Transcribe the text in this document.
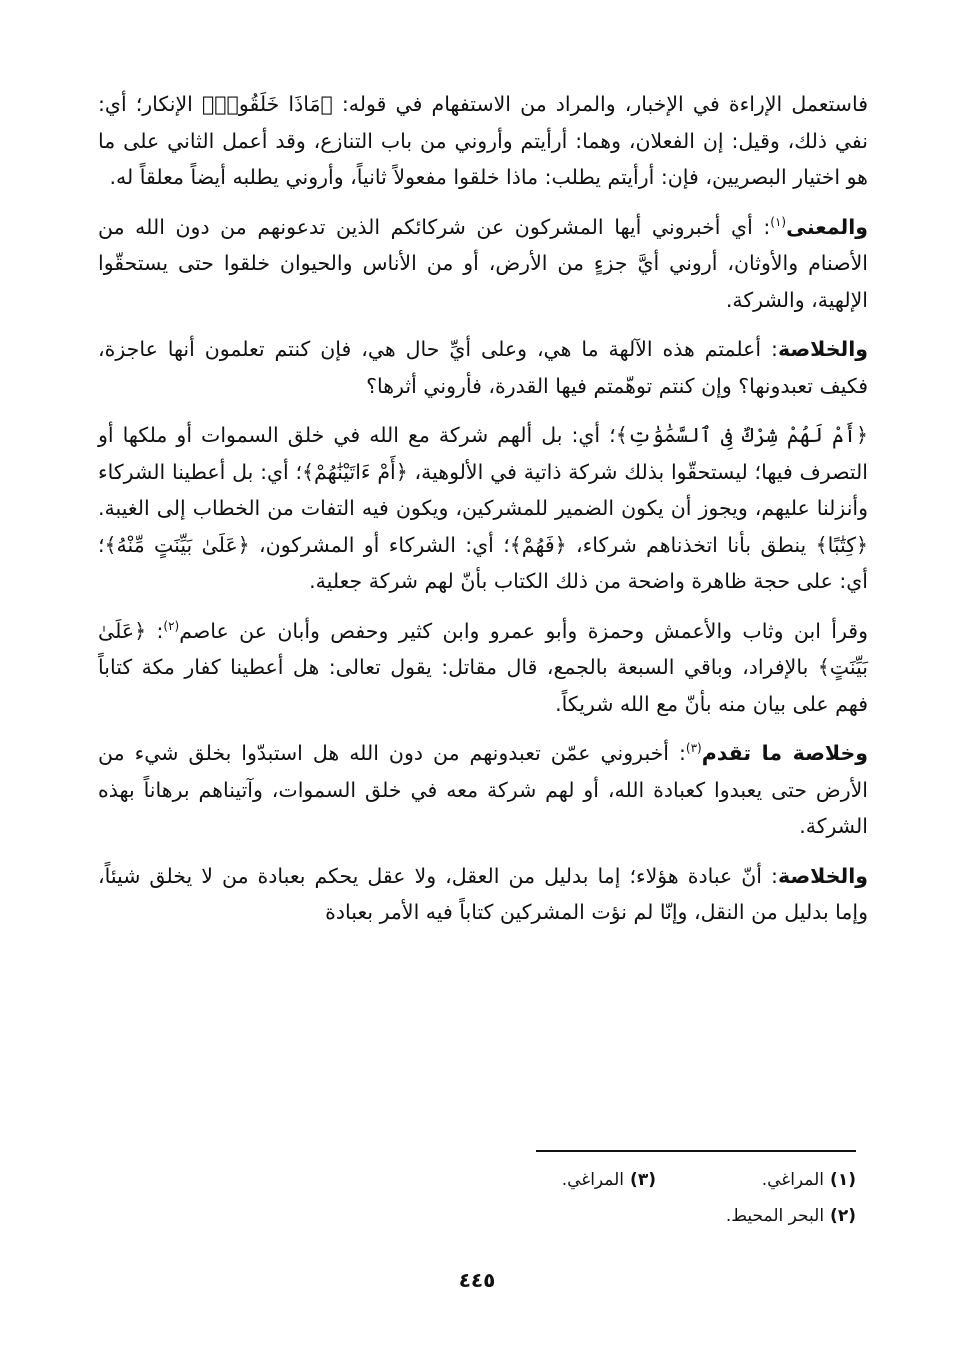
فاستعمل الإراءة في الإخبار، والمراد من الاستفهام في قوله: ﴿مَاذَا خَلَقُوا۟﴾ الإنكار؛ أي: نفي ذلك، وقيل: إن الفعلان، وهما: أرأيتم وأروني من باب التنازع، وقد أعمل الثاني على ما هو اختيار البصريين، فإن: أرأيتم يطلب: ماذا خلقوا مفعولاً ثانياً، وأروني يطلبه أيضاً معلقاً له.

والمعنى$^{(١)}$: أي أخبروني أيها المشركون عن شركائكم الذين تدعونهم من دون الله من الأصنام والأوثان، أروني أيَّ جزءٍ من الأرض، أو من الأناس والحيوان خلقوا حتى يستحقّوا الإلهية، والشركة.

والخلاصة: أعلمتم هذه الآلهة ما هي، وعلى أيِّ حال هي، فإن كنتم تعلمون أنها عاجزة، فكيف تعبدونها؟ وإن كنتم توهّمتم فيها القدرة، فأروني أثرها؟

﴿أَمْ لَهُمْ شِرْكٌ فِى ٱلسَّمَٰوَٰتِ﴾؛ أي: بل ألهم شركة مع الله في خلق السموات أو ملكها أو التصرف فيها؛ ليستحقّوا بذلك شركة ذاتية في الألوهية، ﴿أَمْ ءَاتَيْنَٰهُمْ﴾؛ أي: بل أعطينا الشركاء وأنزلنا عليهم، ويجوز أن يكون الضمير للمشركين، ويكون فيه التفات من الخطاب إلى الغيبة. ﴿كِتَٰبًا﴾ ينطق بأنا اتخذناهم شركاء، ﴿فَهُمْ﴾؛ أي: الشركاء أو المشركون، ﴿عَلَىٰ بَيِّنَتٍ مِّنْهُ﴾؛ أي: على حجة ظاهرة واضحة من ذلك الكتاب بأنّ لهم شركة جعلية.

وقرأ ابن وثاب والأعمش وحمزة وأبو عمرو وابن كثير وحفص وأبان عن عاصم$^{(٢)}$: ﴿عَلَىٰ بَيِّنَتٍ﴾ بالإفراد، وباقي السبعة بالجمع، قال مقاتل: يقول تعالى: هل أعطينا كفار مكة كتاباً فهم على بيان منه بأنّ مع الله شريكاً.

وخلاصة ما تقدم$^{(٣)}$: أخبروني عمّن تعبدونهم من دون الله هل استبدّوا بخلق شيء من الأرض حتى يعبدوا كعبادة الله، أو لهم شركة معه في خلق السموات، وآتيناهم برهاناً بهذه الشركة.

والخلاصة: أنّ عبادة هؤلاء؛ إما بدليل من العقل، ولا عقل يحكم بعبادة من لا يخلق شيئاً، وإما بدليل من النقل، وإنّا لم نؤت المشركين كتاباً فيه الأمر بعبادة

(١)المراغي.
(٣)المراغي.
(٢)البحر المحيط.
٤٤٥
